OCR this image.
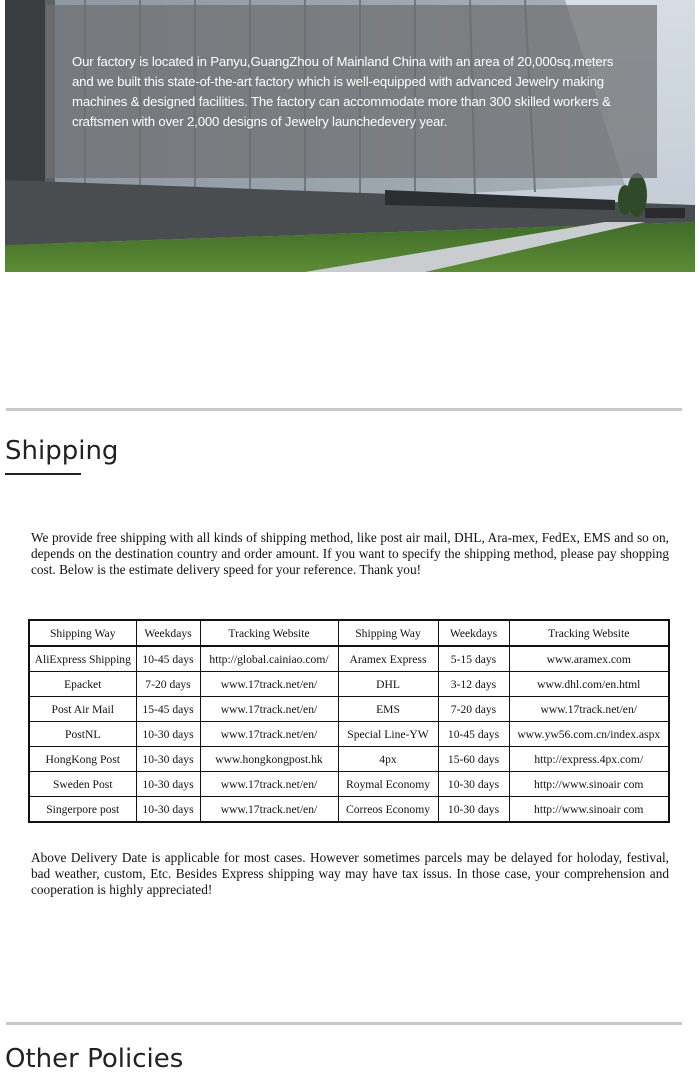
Our factory is located in Panyu,GuangZhou of Mainland China with an area of 20,000sq.meters and we built this state-of-the-art factory which is well-equipped with advanced Jewelry making machines & designed facilities. The factory can accommodate more than 300 skilled workers & craftsmen with over 2,000 designs of Jewelry launchedevery year.

Shipping

We provide free shipping with all kinds of shipping method, like post air mail, DHL, Ara-mex, FedEx, EMS and so on, depends on the destination country and order amount. If you want to specify the shipping method, please pay shopping cost. Below is the estimate delivery speed for your reference. Thank you!

Shipping Way	Weekdays	Tracking Website	Shipping Way	Weekdays	Tracking Website
AliExpress Shipping	10-45 days	http://global.cainiao.com/	Aramex Express	5-15 days	www.aramex.com
Epacket	7-20 days	www.17track.net/en/	DHL	3-12 days	www.dhl.com/en.html
Post Air Mail	15-45 days	www.17track.net/en/	EMS	7-20 days	www.17track.net/en/
PostNL	10-30 days	www.17track.net/en/	Special Line-YW	10-45 days	www.yw56.com.cn/index.aspx
HongKong Post	10-30 days	www.hongkongpost.hk	4px	15-60 days	http://express.4px.com/
Sweden Post	10-30 days	www.17track.net/en/	Roymal Economy	10-30 days	http://www.sinoair com
Singerpore post	10-30 days	www.17track.net/en/	Correos Economy	10-30 days	http://www.sinoair com

Above Delivery Date is applicable for most cases. However sometimes parcels may be delayed for holoday, festival, bad weather, custom, Etc. Besides Express shipping way may have tax issus. In those case, your comprehension and cooperation is highly appreciated!

Other Policies
